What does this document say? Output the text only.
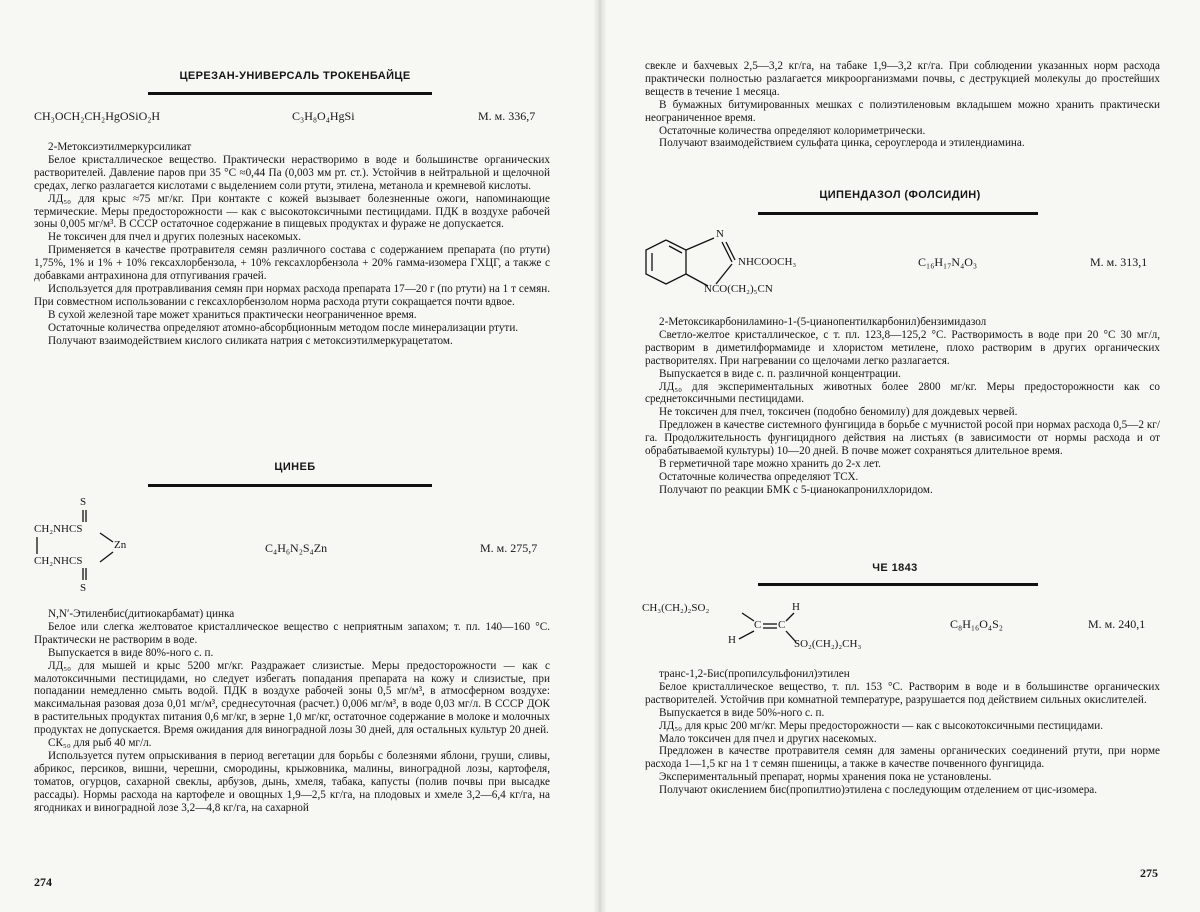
ЦЕРЕЗАН-УНИВЕРСАЛЬ ТРОКЕНБАЙЦЕ
CH₃OCH₂CH₂HgOSiO₂H	C₃H₈O₄HgSi	М. м. 336,7

2-Метоксиэтилмеркурсиликат

Белое кристаллическое вещество. Практически нерастворимо в воде и большинстве органических растворителей. Давление паров при 35 °С ≈0,44 Па (0,003 мм рт. ст.). Устойчив в нейтральной и щелочной средах, легко разлагается кислотами с выделением соли ртути, этилена, метанола и кремневой кислоты.

ЛД₅₀ для крыс ≈75 мг/кг. При контакте с кожей вызывает болезненные ожоги, напоминающие термические. Меры предосторожности — как с высокотоксичными пестицидами. ПДК в воздухе рабочей зоны 0,005 мг/м³. В СССР остаточное содержание в пищевых продуктах и фураже не допускается.

Не токсичен для пчел и других полезных насекомых.

Применяется в качестве протравителя семян различного состава с содержанием препарата (по ртути) 1,75%, 1% и 1% + 10% гексахлорбензола, + 10% гексахлорбензола + 20% гамма-изомера ГХЦГ, а также с добавками антрахинона для отпугивания грачей.

Используется для протравливания семян при нормах расхода препарата 17—20 г (по ртути) на 1 т семян. При совместном использовании с гексахлорбензолом норма расхода ртути сокращается почти вдвое.

В сухой железной таре может храниться практически неограниченное время.

Остаточные количества определяют атомно-абсорбционным методом после минерализации ртути.

Получают взаимодействием кислого силиката натрия с метоксиэтилмеркурацетатом.

ЦИНЕБ
S
CH₂NHCS
Zn
CH₂NHCS
S
C₄H₆N₂S₄Zn	М. м. 275,7

N,N′-Этиленбис(дитиокарбамат) цинка

Белое или слегка желтоватое кристаллическое вещество с неприятным запахом; т. пл. 140—160 °С. Практически не растворим в воде.

Выпускается в виде 80%-ного с. п.

ЛД₅₀ для мышей и крыс 5200 мг/кг. Раздражает слизистые. Меры предосторожности — как с малотоксичными пестицидами, но следует избегать попадания препарата на кожу и слизистые, при попадании немедленно смыть водой. ПДК в воздухе рабочей зоны 0,5 мг/м³, в атмосферном воздухе: максимальная разовая доза 0,01 мг/м³, среднесуточная (расчет.) 0,006 мг/м³, в воде 0,03 мг/л. В СССР ДОК в растительных продуктах питания 0,6 мг/кг, в зерне 1,0 мг/кг, остаточное содержание в молоке и молочных продуктах не допускается. Время ожидания для виноградной лозы 30 дней, для остальных культур 20 дней.

СК₅₀ для рыб 40 мг/л.

Используется путем опрыскивания в период вегетации для борьбы с болезнями яблони, груши, сливы, абрикос, персиков, вишни, черешни, смородины, крыжовника, малины, виноградной лозы, картофеля, томатов, огурцов, сахарной свеклы, арбузов, дынь, хмеля, табака, капусты (полив почвы при высадке рассады). Нормы расхода на картофеле и овощных 1,9—2,5 кг/га, на плодовых и хмеле 3,2—6,4 кг/га, на ягодниках и виноградной лозе 3,2—4,8 кг/га, на сахарной

274

свекле и бахчевых 2,5—3,2 кг/га, на табаке 1,9—3,2 кг/га. При соблюдении указанных норм расхода практически полностью разлагается микроорганизмами почвы, с деструкцией молекулы до простейших веществ в течение 1 месяца.

В бумажных битумированных мешках с полиэтиленовым вкладышем можно хранить практически неограниченное время.

Остаточные количества определяют колориметрически.

Получают взаимодействием сульфата цинка, сероуглерода и этилендиамина.

ЦИПЕНДАЗОЛ (ФОЛСИДИН)
N
NHCOOCH₃
NCO(CH₂)₅CN
C₁₆H₁₇N₄O₃	М. м. 313,1

2-Метоксикарбониламино-1-(5-цианопентилкарбонил)бензимидазол

Светло-желтое кристаллическое, с т. пл. 123,8—125,2 °С. Растворимость в воде при 20 °С 30 мг/л, растворим в диметилформамиде и хлористом метилене, плохо растворим в других органических растворителях. При нагревании со щелочами легко разлагается.

Выпускается в виде с. п. различной концентрации.

ЛД₅₀ для экспериментальных животных более 2800 мг/кг. Меры предосторожности как со среднетоксичными пестицидами.

Не токсичен для пчел, токсичен (подобно беномилу) для дождевых червей.

Предложен в качестве системного фунгицида в борьбе с мучнистой росой при нормах расхода 0,5—2 кг/га. Продолжительность фунгицидного действия на листьях (в зависимости от нормы расхода и от обрабатываемой культуры) 10—20 дней. В почве может сохраняться длительное время.

В герметичной таре можно хранить до 2-х лет.

Остаточные количества определяют ТСХ.

Получают по реакции БМК с 5-цианокапронилхлоридом.

ЧЕ 1843
CH₃(CH₂)₂SO₂	H
C C
H	SO₂(CH₂)₂CH₃
C₈H₁₆O₄S₂	М. м. 240,1

транс-1,2-Бис(пропилсульфонил)этилен

Белое кристаллическое вещество, т. пл. 153 °С. Растворим в воде и в большинстве органических растворителей. Устойчив при комнатной температуре, разрушается под действием сильных окислителей.

Выпускается в виде 50%-ного с. п.

ЛД₅₀ для крыс 200 мг/кг. Меры предосторожности — как с высокотоксичными пестицидами.

Мало токсичен для пчел и других насекомых.

Предложен в качестве протравителя семян для замены органических соединений ртути, при норме расхода 1—1,5 кг на 1 т семян пшеницы, а также в качестве почвенного фунгицида.

Экспериментальный препарат, нормы хранения пока не установлены.

Получают окислением бис(пропилтио)этилена с последующим отделением от цис-изомера.

275
